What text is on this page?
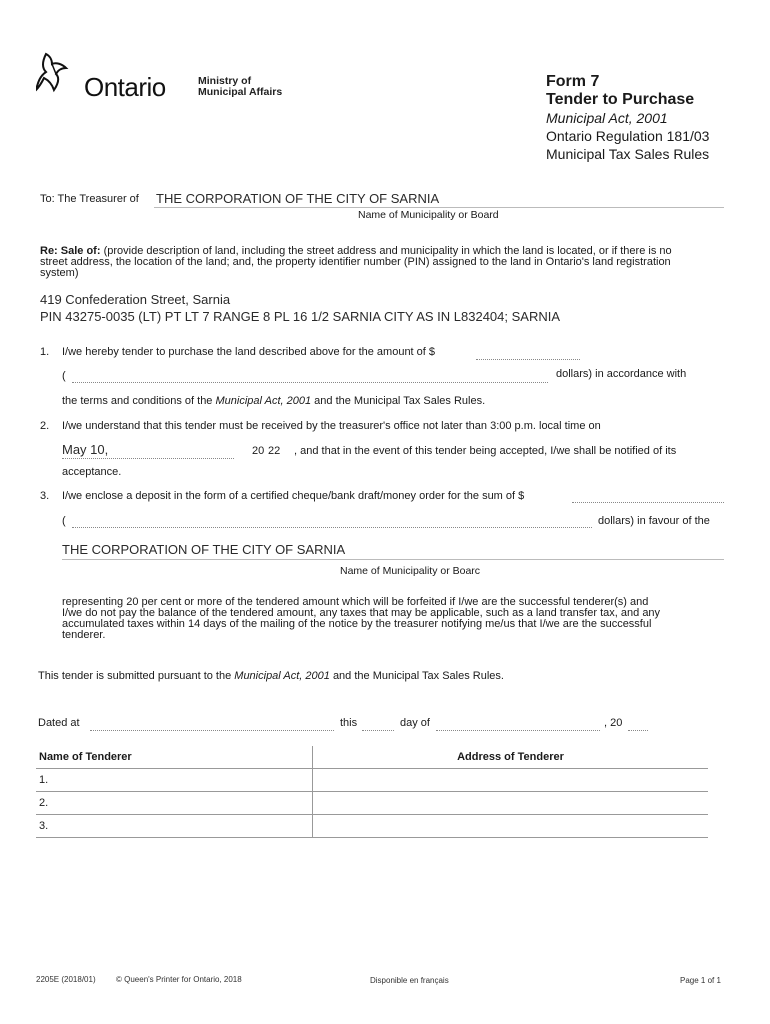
Ontario	Ministry of
Municipal Affairs
Form 7
Tender to Purchase
Municipal Act, 2001
Ontario Regulation 181/03
Municipal Tax Sales Rules
To: The Treasurer of THE CORPORATION OF THE CITY OF SARNIA
Name of Municipality or Board
Re: Sale of: (provide description of land, including the street address and municipality in which the land is located, or if there is no
street address, the location of the land; and, the property identifier number (PIN) assigned to the land in Ontario's land registration
system)
419 Confederation Street, Sarnia
PIN 43275-0035 (LT) PT LT 7 RANGE 8 PL 16 1/2 SARNIA CITY AS IN L832404; SARNIA
1. I/we hereby tender to purchase the land described above for the amount of $
(	dollars) in accordance with
the terms and conditions of the Municipal Act, 2001 and the Municipal Tax Sales Rules.
2. I/we understand that this tender must be received by the treasurer's office not later than 3:00 p.m. local time on
May 10,	20 22 , and that in the event of this tender being accepted, I/we shall be notified of its
acceptance.
3. I/we enclose a deposit in the form of a certified cheque/bank draft/money order for the sum of $
(	dollars) in favour of the
THE CORPORATION OF THE CITY OF SARNIA
Name of Municipality or Boarc
representing 20 per cent or more of the tendered amount which will be forfeited if I/we are the successful tenderer(s) and
I/we do not pay the balance of the tendered amount, any taxes that may be applicable, such as a land transfer tax, and any
accumulated taxes within 14 days of the mailing of the notice by the treasurer notifying me/us that I/we are the successful
tenderer.
This tender is submitted pursuant to the Municipal Act, 2001 and the Municipal Tax Sales Rules.
Dated at	this	day of	, 20
Name of Tenderer	Address of Tenderer
1.	
2.	
3.	
2205E (2018/01)	© Queen's Printer for Ontario, 2018	Disponible en français	Page 1 of 1
